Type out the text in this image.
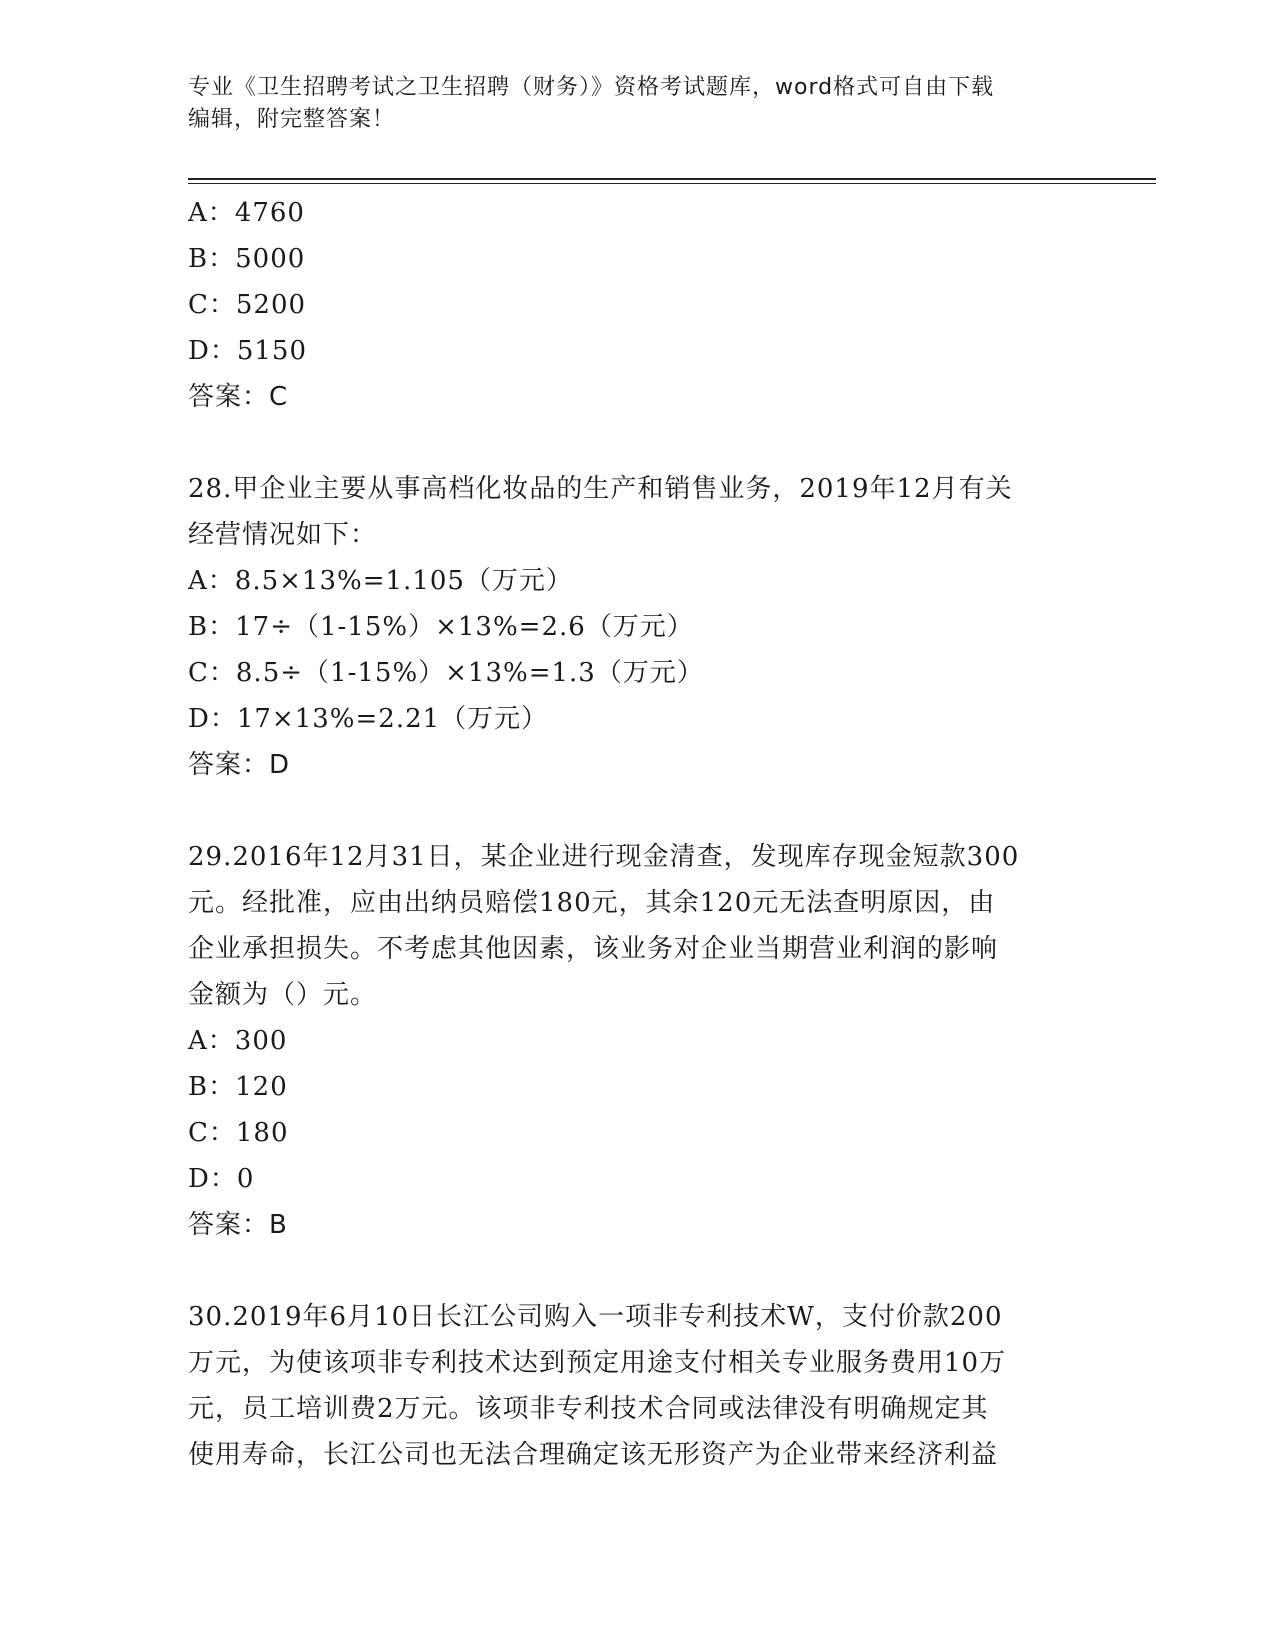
专业《卫生招聘考试之卫生招聘（财务）》资格考试题库，word格式可自由下载
编辑，附完整答案！
A：4760
B：5000
C：5200
D：5150
答案：C
28.甲企业主要从事高档化妆品的生产和销售业务，2019年12月有关
经营情况如下：
A：8.5×13%=1.105（万元）
B：17÷（1-15%）×13%=2.6（万元）
C：8.5÷（1-15%）×13%=1.3（万元）
D：17×13%=2.21（万元）
答案：D
29.2016年12月31日，某企业进行现金清查，发现库存现金短款300
元。经批准，应由出纳员赔偿180元，其余120元无法查明原因，由
企业承担损失。不考虑其他因素，该业务对企业当期营业利润的影响
金额为（）元。
A：300
B：120
C：180
D：0
答案：B
30.2019年6月10日长江公司购入一项非专利技术W，支付价款200
万元，为使该项非专利技术达到预定用途支付相关专业服务费用10万
元，员工培训费2万元。该项非专利技术合同或法律没有明确规定其
使用寿命，长江公司也无法合理确定该无形资产为企业带来经济利益
